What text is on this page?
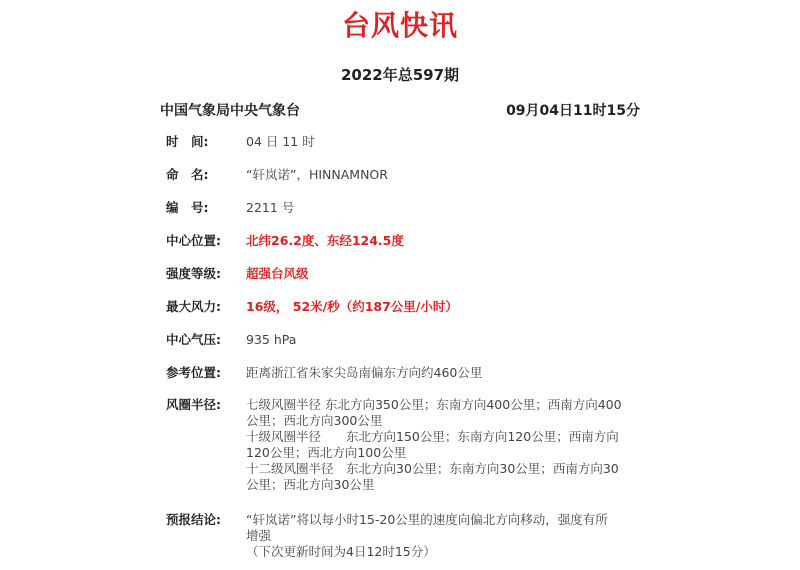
台风快讯
2022年总597期
中国气象局中央气象台	09月04日11时15分
时　间:	04 日 11 时
命　名:	“轩岚诺”，HINNAMNOR
编　号:	2211 号
中心位置:	北纬26.2度、东经124.5度
强度等级:	超强台风级
最大风力:	16级， 52米/秒（约187公里/小时）
中心气压:	935 hPa
参考位置:	距离浙江省朱家尖岛南偏东方向约460公里
风圈半径:	七级风圈半径 东北方向350公里；东南方向400公里；西南方向400
公里；西北方向300公里
十级风圈半径　　东北方向150公里；东南方向120公里；西南方向
120公里；西北方向100公里
十二级风圈半径　东北方向30公里；东南方向30公里；西南方向30
公里；西北方向30公里
预报结论:	“轩岚诺”将以每小时15-20公里的速度向偏北方向移动，强度有所
增强
（下次更新时间为4日12时15分）
